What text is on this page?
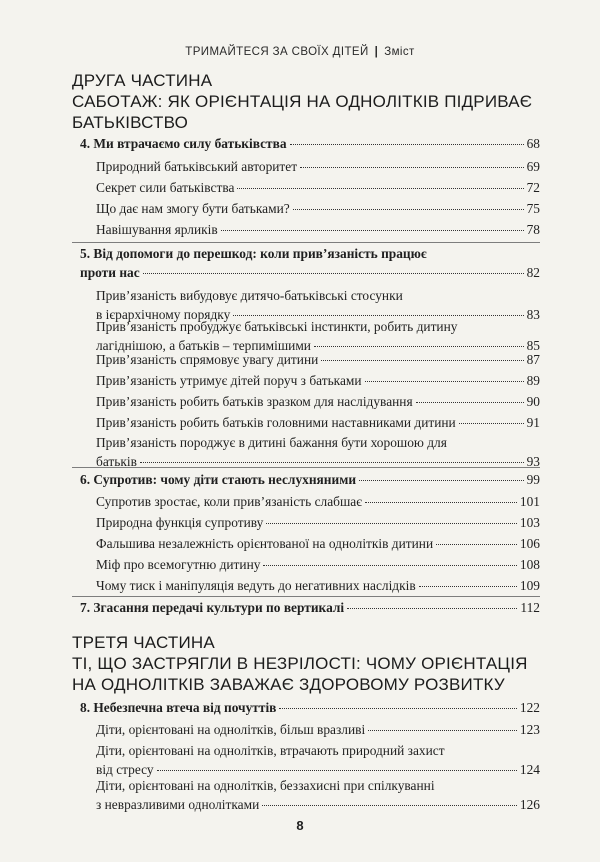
ТРИМАЙТЕСЯ ЗА СВОЇХ ДІТЕЙ | Зміст
ДРУГА ЧАСТИНА
САБОТАЖ: ЯК ОРІЄНТАЦІЯ НА ОДНОЛІТКІВ ПІДРИВАЄ
БАТЬКІВСТВО
4. Ми втрачаємо силу батьківства	68
Природний батьківський авторитет	69
Секрет сили батьківства	72
Що дає нам змогу бути батьками?	75
Навішування ярликів	78
5. Від допомоги до перешкод: коли прив’язаність працює
проти нас	82
Прив’язаність вибудовує дитячо-батьківські стосунки
в ієрархічному порядку	83
Прив’язаність пробуджує батьківські інстинкти, робить дитину
лагіднішою, а батьків – терпимішими	85
Прив’язаність спрямовує увагу дитини	87
Прив’язаність утримує дітей поруч з батьками	89
Прив’язаність робить батьків зразком для наслідування	90
Прив’язаність робить батьків головними наставниками дитини	91
Прив’язаність породжує в дитині бажання бути хорошою для
батьків	93
6. Супротив: чому діти стають неслухняними	99
Супротив зростає, коли прив’язаність слабшає	101
Природна функція супротиву	103
Фальшива незалежність орієнтованої на однолітків дитини	106
Міф про всемогутню дитину	108
Чому тиск і маніпуляція ведуть до негативних наслідків	109
7. Згасання передачі культури по вертикалі	112
ТРЕТЯ ЧАСТИНА
ТІ, ЩО ЗАСТРЯГЛИ В НЕЗРІЛОСТІ: ЧОМУ ОРІЄНТАЦІЯ
НА ОДНОЛІТКІВ ЗАВАЖАЄ ЗДОРОВОМУ РОЗВИТКУ
8. Небезпечна втеча від почуттів	122
Діти, орієнтовані на однолітків, більш вразливі	123
Діти, орієнтовані на однолітків, втрачають природний захист
від стресу	124
Діти, орієнтовані на однолітків, беззахисні при спілкуванні
з невразливими однолітками	126
8
